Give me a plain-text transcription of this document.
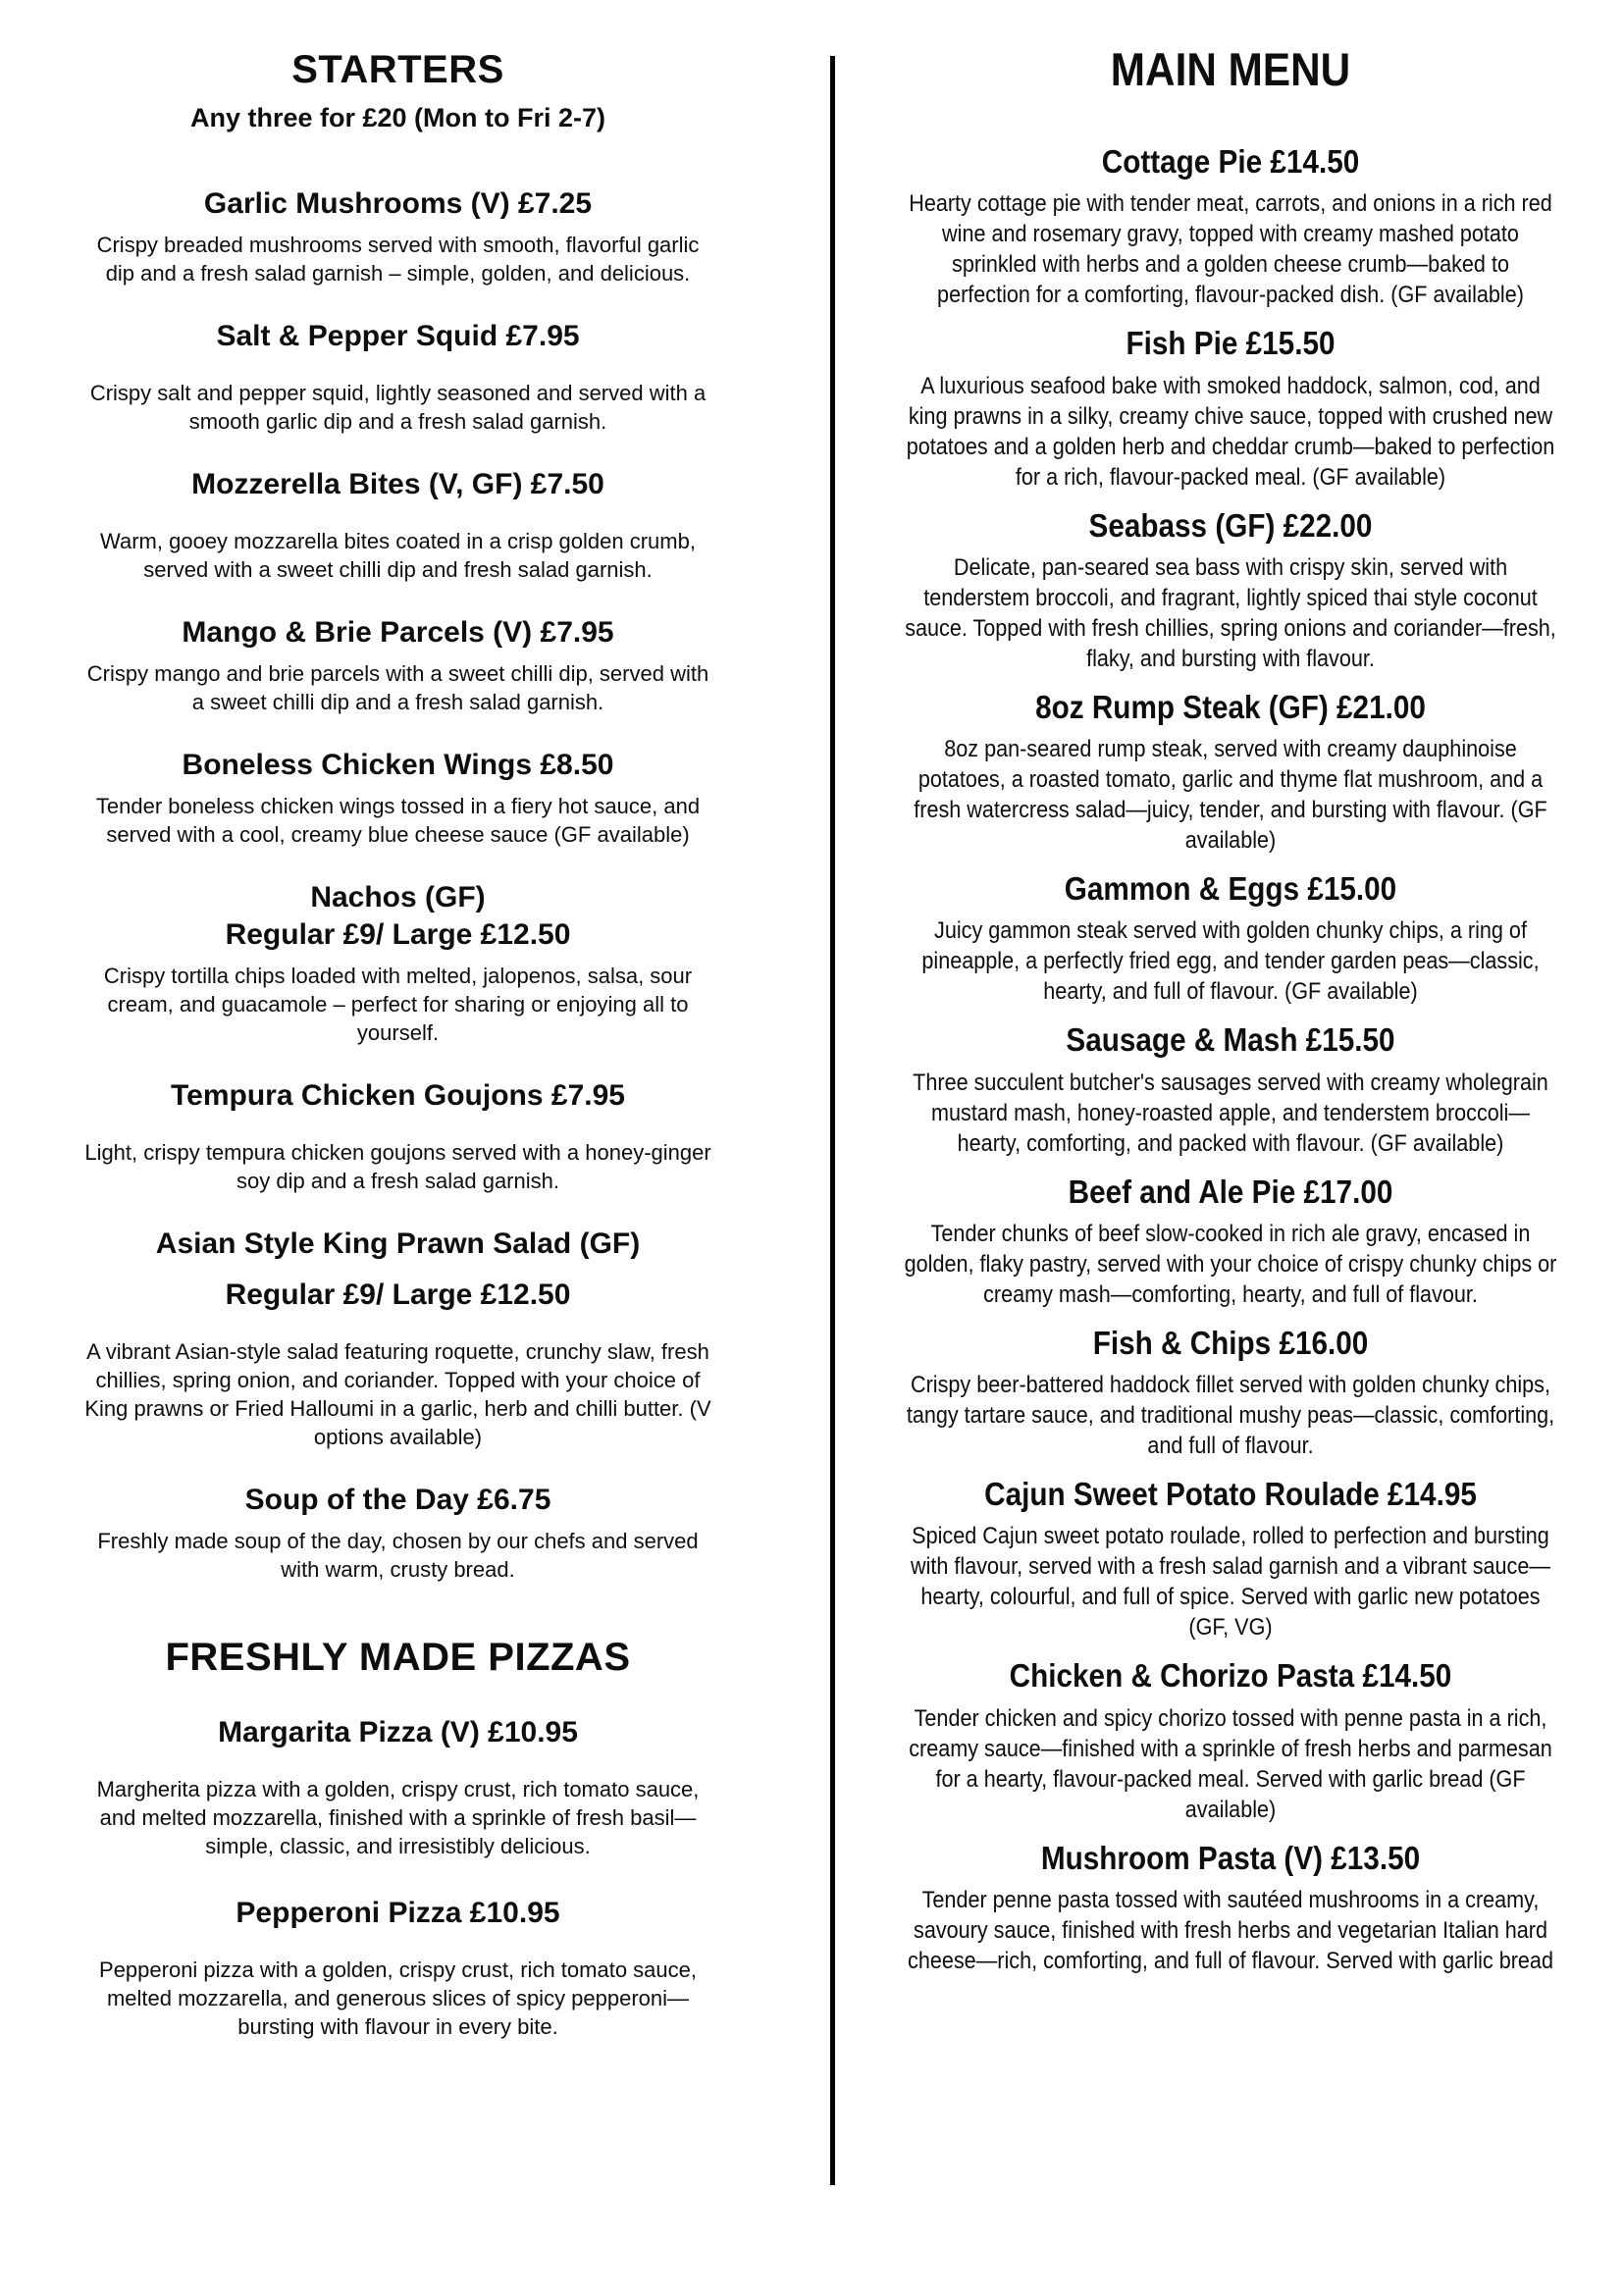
STARTERS
Any three for £20 (Mon to Fri 2-7)
Garlic Mushrooms (V) £7.25
Crispy breaded mushrooms served with smooth, flavorful garlic dip and a fresh salad garnish – simple, golden, and delicious.
Salt & Pepper Squid £7.95
Crispy salt and pepper squid, lightly seasoned and served with a smooth garlic dip and a fresh salad garnish.
Mozzerella Bites (V, GF) £7.50
Warm, gooey mozzarella bites coated in a crisp golden crumb, served with a sweet chilli dip and fresh salad garnish.
Mango & Brie Parcels (V) £7.95
Crispy mango and brie parcels with a sweet chilli dip, served with a sweet chilli dip and a fresh salad garnish.
Boneless Chicken Wings £8.50
Tender boneless chicken wings tossed in a fiery hot sauce, and served with a cool, creamy blue cheese sauce (GF available)
Nachos (GF)
Regular £9/ Large £12.50
Crispy tortilla chips loaded with melted, jalopenos, salsa, sour cream, and guacamole – perfect for sharing or enjoying all to yourself.
Tempura Chicken Goujons £7.95
Light, crispy tempura chicken goujons served with a honey-ginger soy dip and a fresh salad garnish.
Asian Style King Prawn Salad (GF)
Regular £9/ Large £12.50
A vibrant Asian-style salad featuring roquette, crunchy slaw, fresh chillies, spring onion, and coriander. Topped with your choice of King prawns or Fried Halloumi in a garlic, herb and chilli butter. (V options available)
Soup of the Day £6.75
Freshly made soup of the day, chosen by our chefs and served with warm, crusty bread.
FRESHLY MADE PIZZAS
Margarita Pizza (V) £10.95
Margherita pizza with a golden, crispy crust, rich tomato sauce, and melted mozzarella, finished with a sprinkle of fresh basil—simple, classic, and irresistibly delicious.
Pepperoni Pizza £10.95
Pepperoni pizza with a golden, crispy crust, rich tomato sauce, melted mozzarella, and generous slices of spicy pepperoni—bursting with flavour in every bite.
MAIN MENU
Cottage Pie £14.50
Hearty cottage pie with tender meat, carrots, and onions in a rich red wine and rosemary gravy, topped with creamy mashed potato sprinkled with herbs and a golden cheese crumb—baked to perfection for a comforting, flavour-packed dish. (GF available)
Fish Pie £15.50
A luxurious seafood bake with smoked haddock, salmon, cod, and king prawns in a silky, creamy chive sauce, topped with crushed new potatoes and a golden herb and cheddar crumb—baked to perfection for a rich, flavour-packed meal. (GF available)
Seabass (GF) £22.00
Delicate, pan-seared sea bass with crispy skin, served with tenderstem broccoli, and fragrant, lightly spiced thai style coconut sauce. Topped with fresh chillies, spring onions and coriander—fresh, flaky, and bursting with flavour.
8oz Rump Steak (GF) £21.00
8oz pan-seared rump steak, served with creamy dauphinoise potatoes, a roasted tomato, garlic and thyme flat mushroom, and a fresh watercress salad—juicy, tender, and bursting with flavour. (GF available)
Gammon & Eggs £15.00
Juicy gammon steak served with golden chunky chips, a ring of pineapple, a perfectly fried egg, and tender garden peas—classic, hearty, and full of flavour. (GF available)
Sausage & Mash £15.50
Three succulent butcher's sausages served with creamy wholegrain mustard mash, honey-roasted apple, and tenderstem broccoli—hearty, comforting, and packed with flavour. (GF available)
Beef and Ale Pie £17.00
Tender chunks of beef slow-cooked in rich ale gravy, encased in golden, flaky pastry, served with your choice of crispy chunky chips or creamy mash—comforting, hearty, and full of flavour.
Fish & Chips £16.00
Crispy beer-battered haddock fillet served with golden chunky chips, tangy tartare sauce, and traditional mushy peas—classic, comforting, and full of flavour.
Cajun Sweet Potato Roulade £14.95
Spiced Cajun sweet potato roulade, rolled to perfection and bursting with flavour, served with a fresh salad garnish and a vibrant sauce—hearty, colourful, and full of spice. Served with garlic new potatoes (GF, VG)
Chicken & Chorizo Pasta £14.50
Tender chicken and spicy chorizo tossed with penne pasta in a rich, creamy sauce—finished with a sprinkle of fresh herbs and parmesan for a hearty, flavour-packed meal. Served with garlic bread (GF available)
Mushroom Pasta (V) £13.50
Tender penne pasta tossed with sautéed mushrooms in a creamy, savoury sauce, finished with fresh herbs and vegetarian Italian hard cheese—rich, comforting, and full of flavour. Served with garlic bread
